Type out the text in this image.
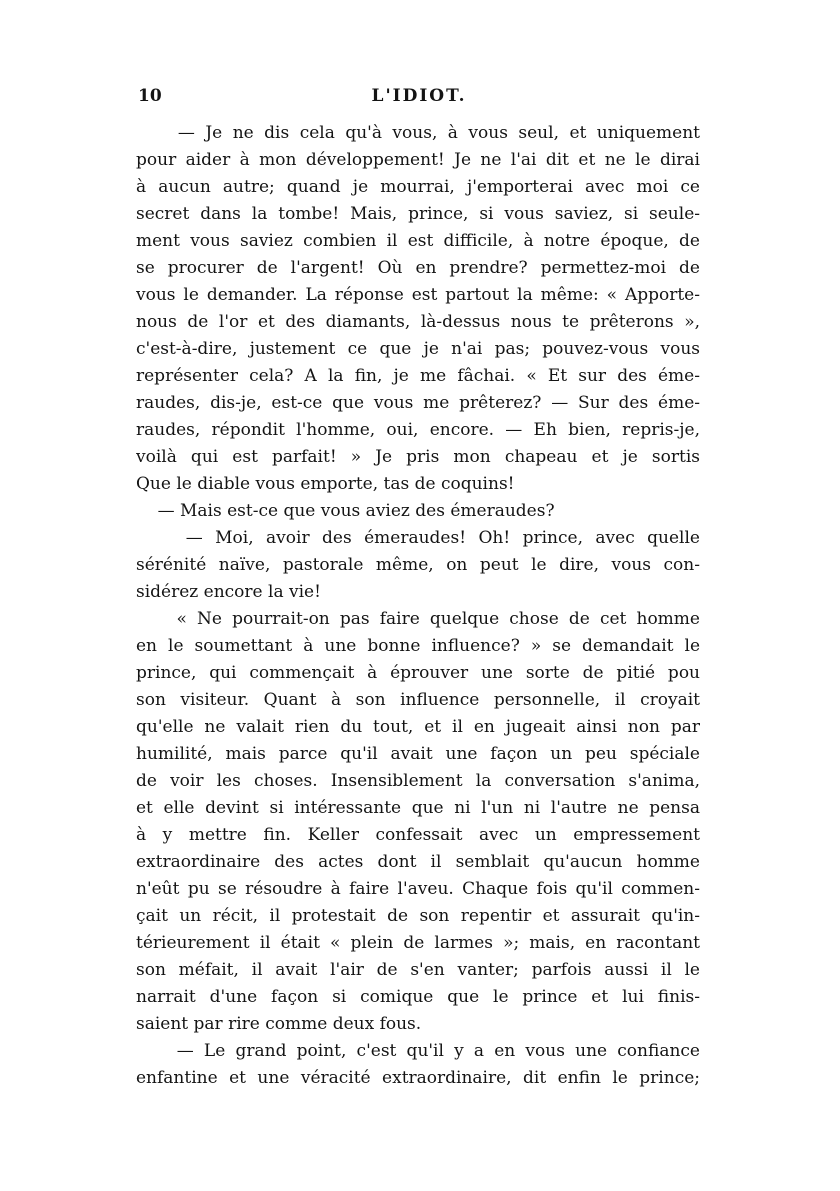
10	L'IDIOT.
— Je ne dis cela qu'à vous, à vous seul, et uniquement
pour aider à mon développement! Je ne l'ai dit et ne le dirai
à aucun autre; quand je mourrai, j'emporterai avec moi ce
secret dans la tombe! Mais, prince, si vous saviez, si seule-
ment vous saviez combien il est difficile, à notre époque, de
se procurer de l'argent! Où en prendre? permettez-moi de
vous le demander. La réponse est partout la même: « Apporte-
nous de l'or et des diamants, là-dessus nous te prêterons »,
c'est-à-dire, justement ce que je n'ai pas; pouvez-vous vous
représenter cela? A la fin, je me fâchai. « Et sur des éme-
raudes, dis-je, est-ce que vous me prêterez? — Sur des éme-
raudes, répondit l'homme, oui, encore. — Eh bien, repris-je,
voilà qui est parfait! » Je pris mon chapeau et je sortis
Que le diable vous emporte, tas de coquins!
— Mais est-ce que vous aviez des émeraudes?
— Moi, avoir des émeraudes! Oh! prince, avec quelle
sérénité naïve, pastorale même, on peut le dire, vous con-
sidérez encore la vie!
« Ne pourrait-on pas faire quelque chose de cet homme
en le soumettant à une bonne influence? » se demandait le
prince, qui commençait à éprouver une sorte de pitié pou
son visiteur. Quant à son influence personnelle, il croyait
qu'elle ne valait rien du tout, et il en jugeait ainsi non par
humilité, mais parce qu'il avait une façon un peu spéciale
de voir les choses. Insensiblement la conversation s'anima,
et elle devint si intéressante que ni l'un ni l'autre ne pensa
à y mettre fin. Keller confessait avec un empressement
extraordinaire des actes dont il semblait qu'aucun homme
n'eût pu se résoudre à faire l'aveu. Chaque fois qu'il commen-
çait un récit, il protestait de son repentir et assurait qu'in-
térieurement il était « plein de larmes »; mais, en racontant
son méfait, il avait l'air de s'en vanter; parfois aussi il le
narrait d'une façon si comique que le prince et lui finis-
saient par rire comme deux fous.
— Le grand point, c'est qu'il y a en vous une confiance
enfantine et une véracité extraordinaire, dit enfin le prince;
